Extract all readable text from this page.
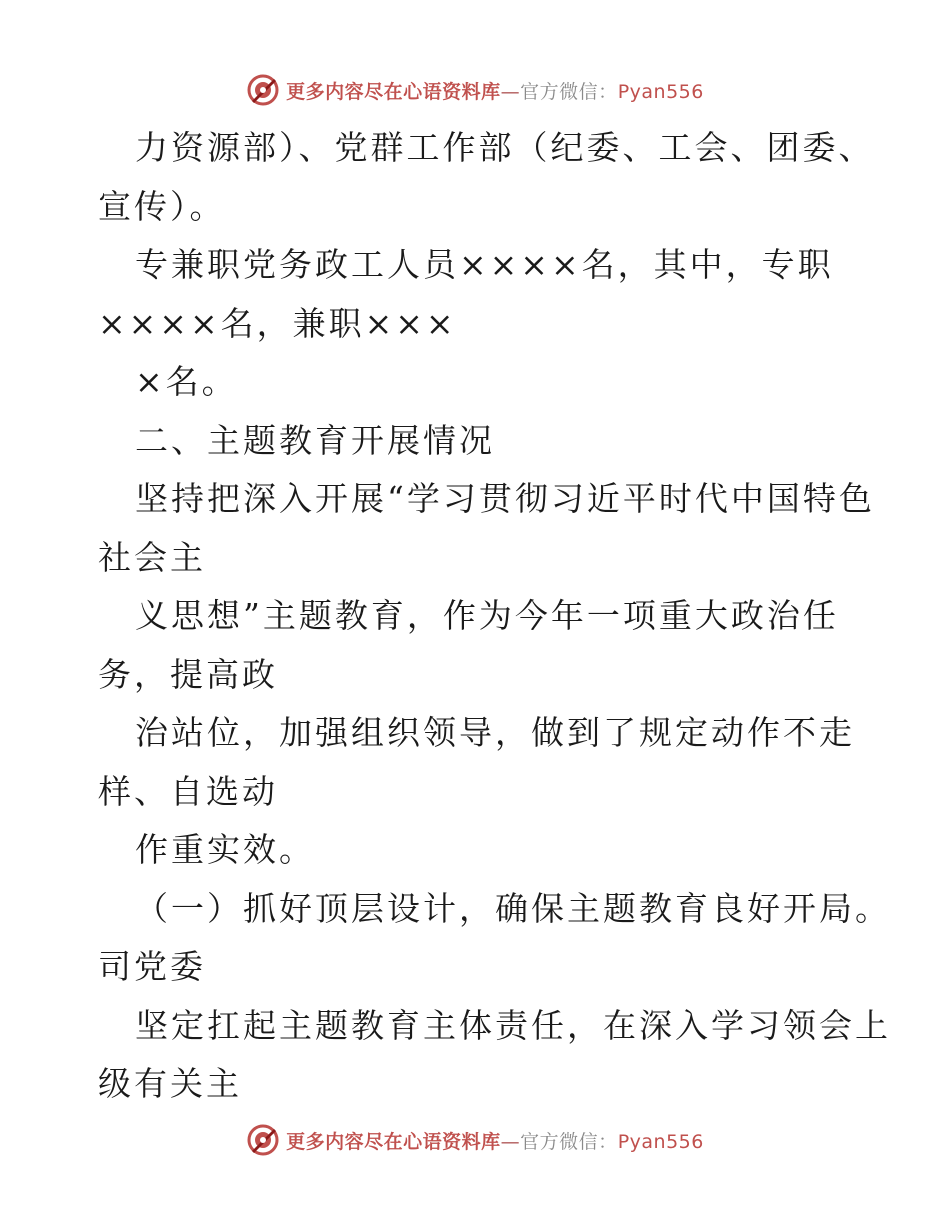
更多内容尽在心语资料库—官方微信：Pyan556
力资源部）、党群工作部（纪委、工会、团委、
宣传）。
专兼职党务政工人员××××名，其中，专职
××××名，兼职×××
×名。
二、主题教育开展情况
坚持把深入开展“学习贯彻习近平时代中国特色
社会主
义思想”主题教育，作为今年一项重大政治任
务，提高政
治站位，加强组织领导，做到了规定动作不走
样、自选动
作重实效。
（一）抓好顶层设计，确保主题教育良好开局。
司党委
坚定扛起主题教育主体责任，在深入学习领会上
级有关主
更多内容尽在心语资料库—官方微信：Pyan556
